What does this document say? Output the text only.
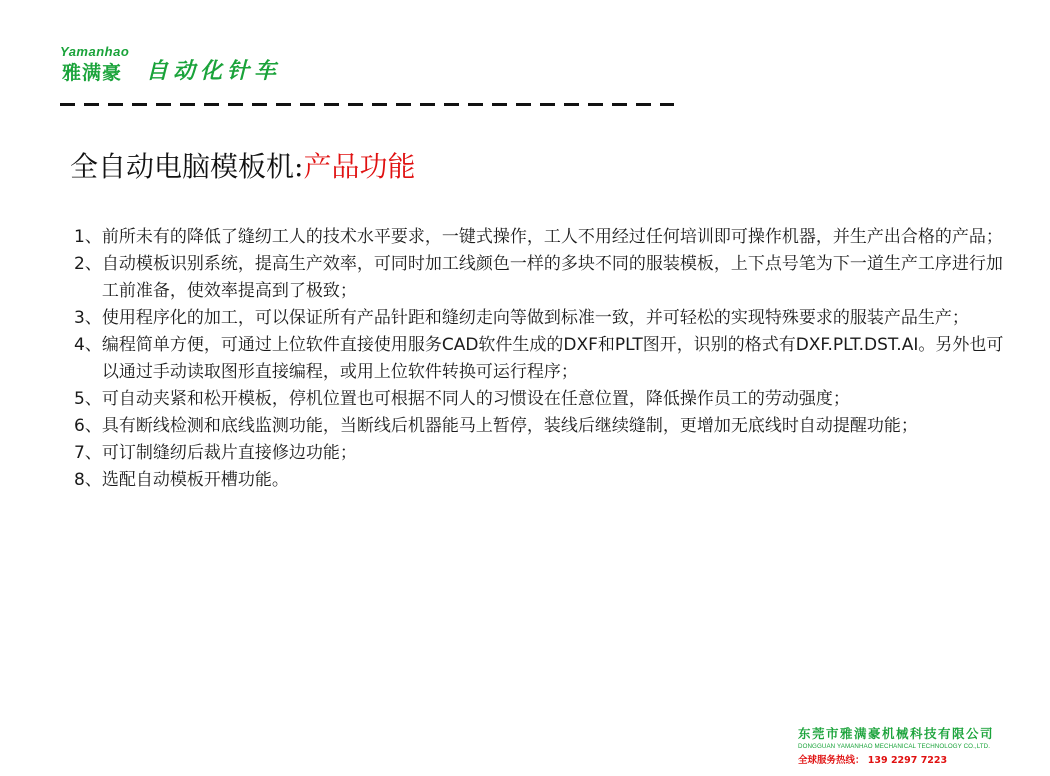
Yamanhao
雅满豪 自动化针车
全自动电脑模板机:产品功能
1、 前所未有的降低了缝纫工人的技术水平要求，一键式操作，工人不用经过任何培训即可操作机器，并生产出合格的产品；
2、 自动模板识别系统，提高生产效率，可同时加工线颜色一样的多块不同的服装模板，上下点号笔为下一道生产工序进行加工前准备，使效率提高到了极致；
3、 使用程序化的加工，可以保证所有产品针距和缝纫走向等做到标准一致，并可轻松的实现特殊要求的服装产品生产；
4、 编程简单方便，可通过上位软件直接使用服务CAD软件生成的DXF和PLT图开，识别的格式有DXF.PLT.DST.AI。另外也可以通过手动读取图形直接编程，或用上位软件转换可运行程序；
5、 可自动夹紧和松开模板，停机位置也可根据不同人的习惯设在任意位置，降低操作员工的劳动强度；
6、 具有断线检测和底线监测功能，当断线后机器能马上暂停，装线后继续缝制，更增加无底线时自动提醒功能；
7、 可订制缝纫后裁片直接修边功能；
8、 选配自动模板开槽功能。
东莞市雅满豪机械科技有限公司
DONGGUAN YAMANHAO MECHANICAL TECHNOLOGY CO.,LTD.
全球服务热线： 139 2297 7223
